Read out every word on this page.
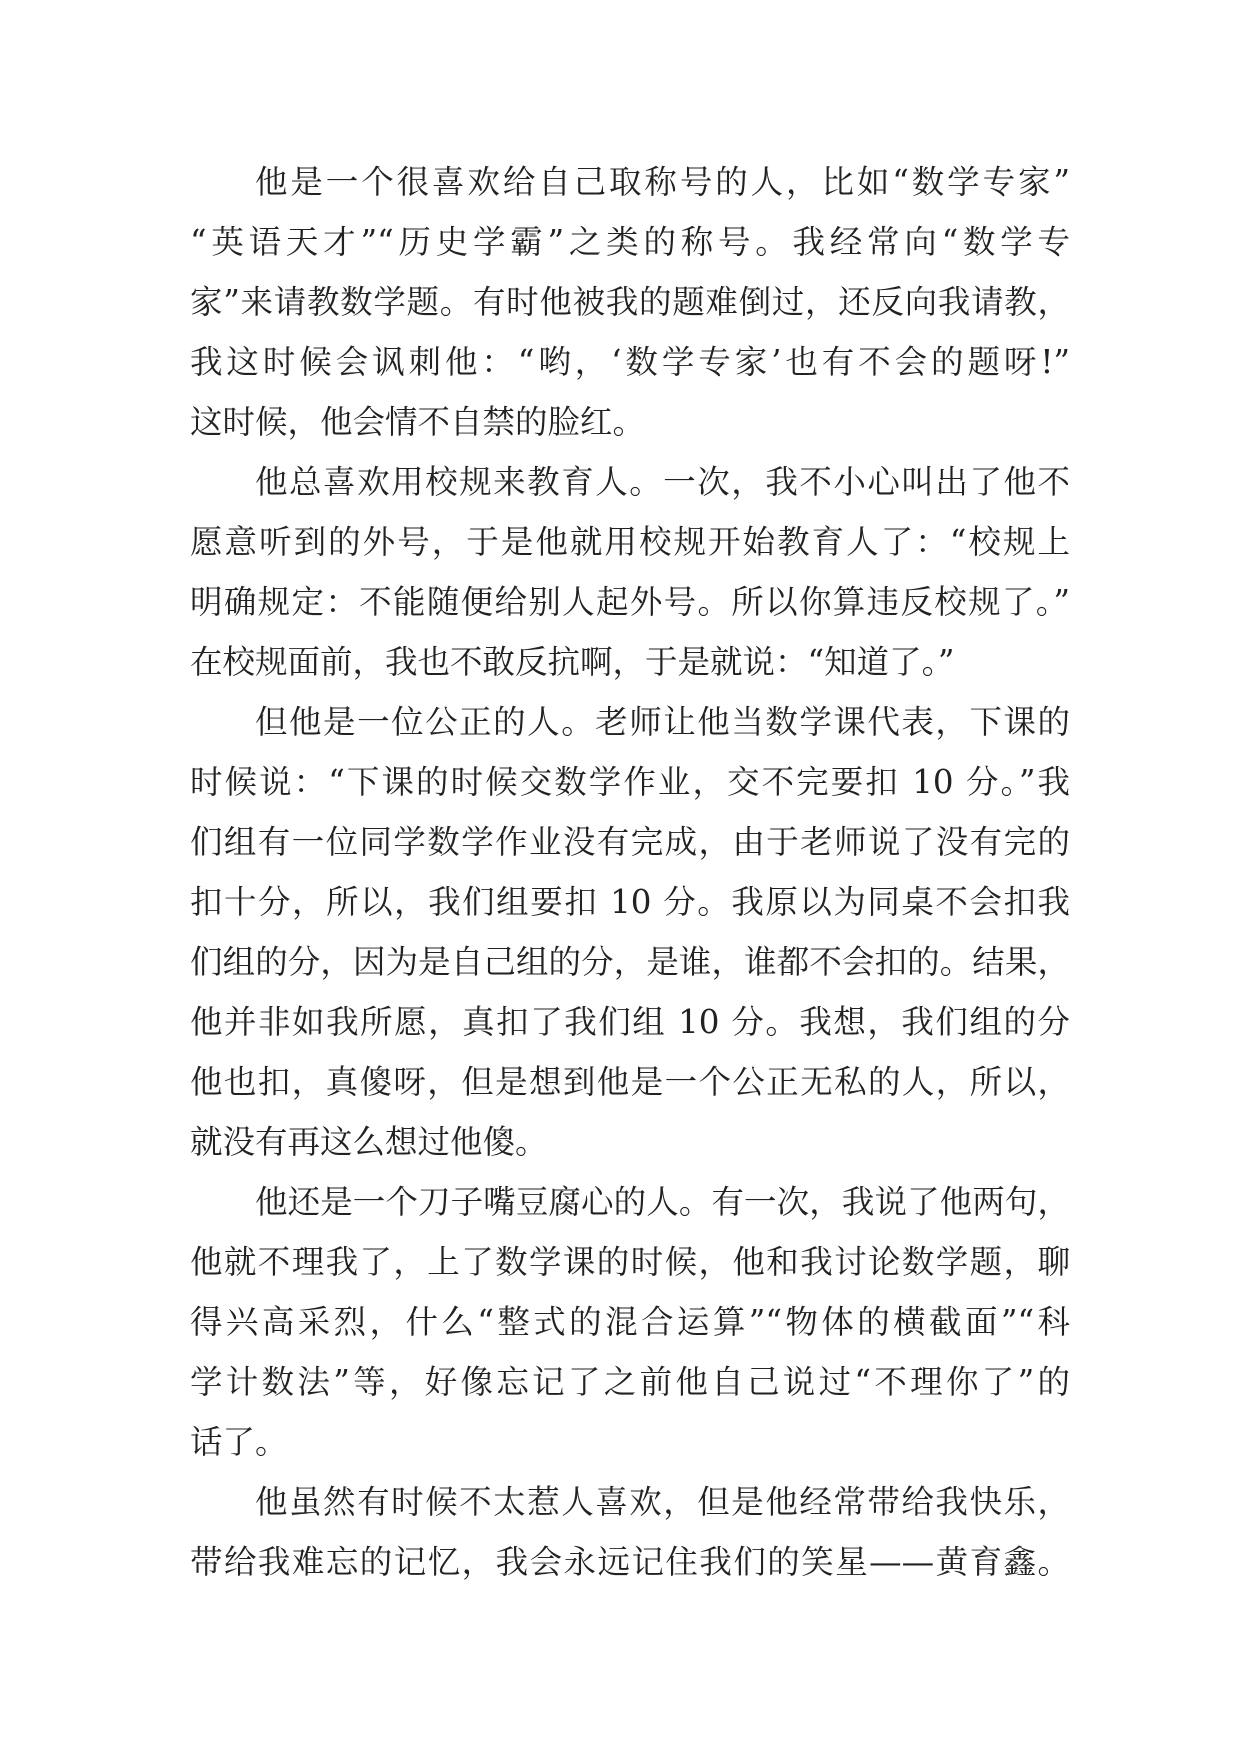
他是一个很喜欢给自己取称号的人，比如“数学专家”
“英语天才”“历史学霸”之类的称号。我经常向“数学专
家”来请教数学题。有时他被我的题难倒过，还反向我请教，
我这时候会讽刺他：“哟，‘数学专家’也有不会的题呀!”
这时候，他会情不自禁的脸红。
他总喜欢用校规来教育人。一次，我不小心叫出了他不
愿意听到的外号，于是他就用校规开始教育人了：“校规上
明确规定：不能随便给别人起外号。所以你算违反校规了。”
在校规面前，我也不敢反抗啊，于是就说：“知道了。”
但他是一位公正的人。老师让他当数学课代表，下课的
时候说：“下课的时候交数学作业，交不完要扣 10 分。”我
们组有一位同学数学作业没有完成，由于老师说了没有完的
扣十分，所以，我们组要扣 10 分。我原以为同桌不会扣我
们组的分，因为是自己组的分，是谁，谁都不会扣的。结果，
他并非如我所愿，真扣了我们组 10 分。我想，我们组的分
他也扣，真傻呀，但是想到他是一个公正无私的人，所以，
就没有再这么想过他傻。
他还是一个刀子嘴豆腐心的人。有一次，我说了他两句，
他就不理我了，上了数学课的时候，他和我讨论数学题，聊
得兴高采烈，什么“整式的混合运算”“物体的横截面”“科
学计数法”等，好像忘记了之前他自己说过“不理你了”的
话了。
他虽然有时候不太惹人喜欢，但是他经常带给我快乐，
带给我难忘的记忆，我会永远记住我们的笑星——黄育鑫。
